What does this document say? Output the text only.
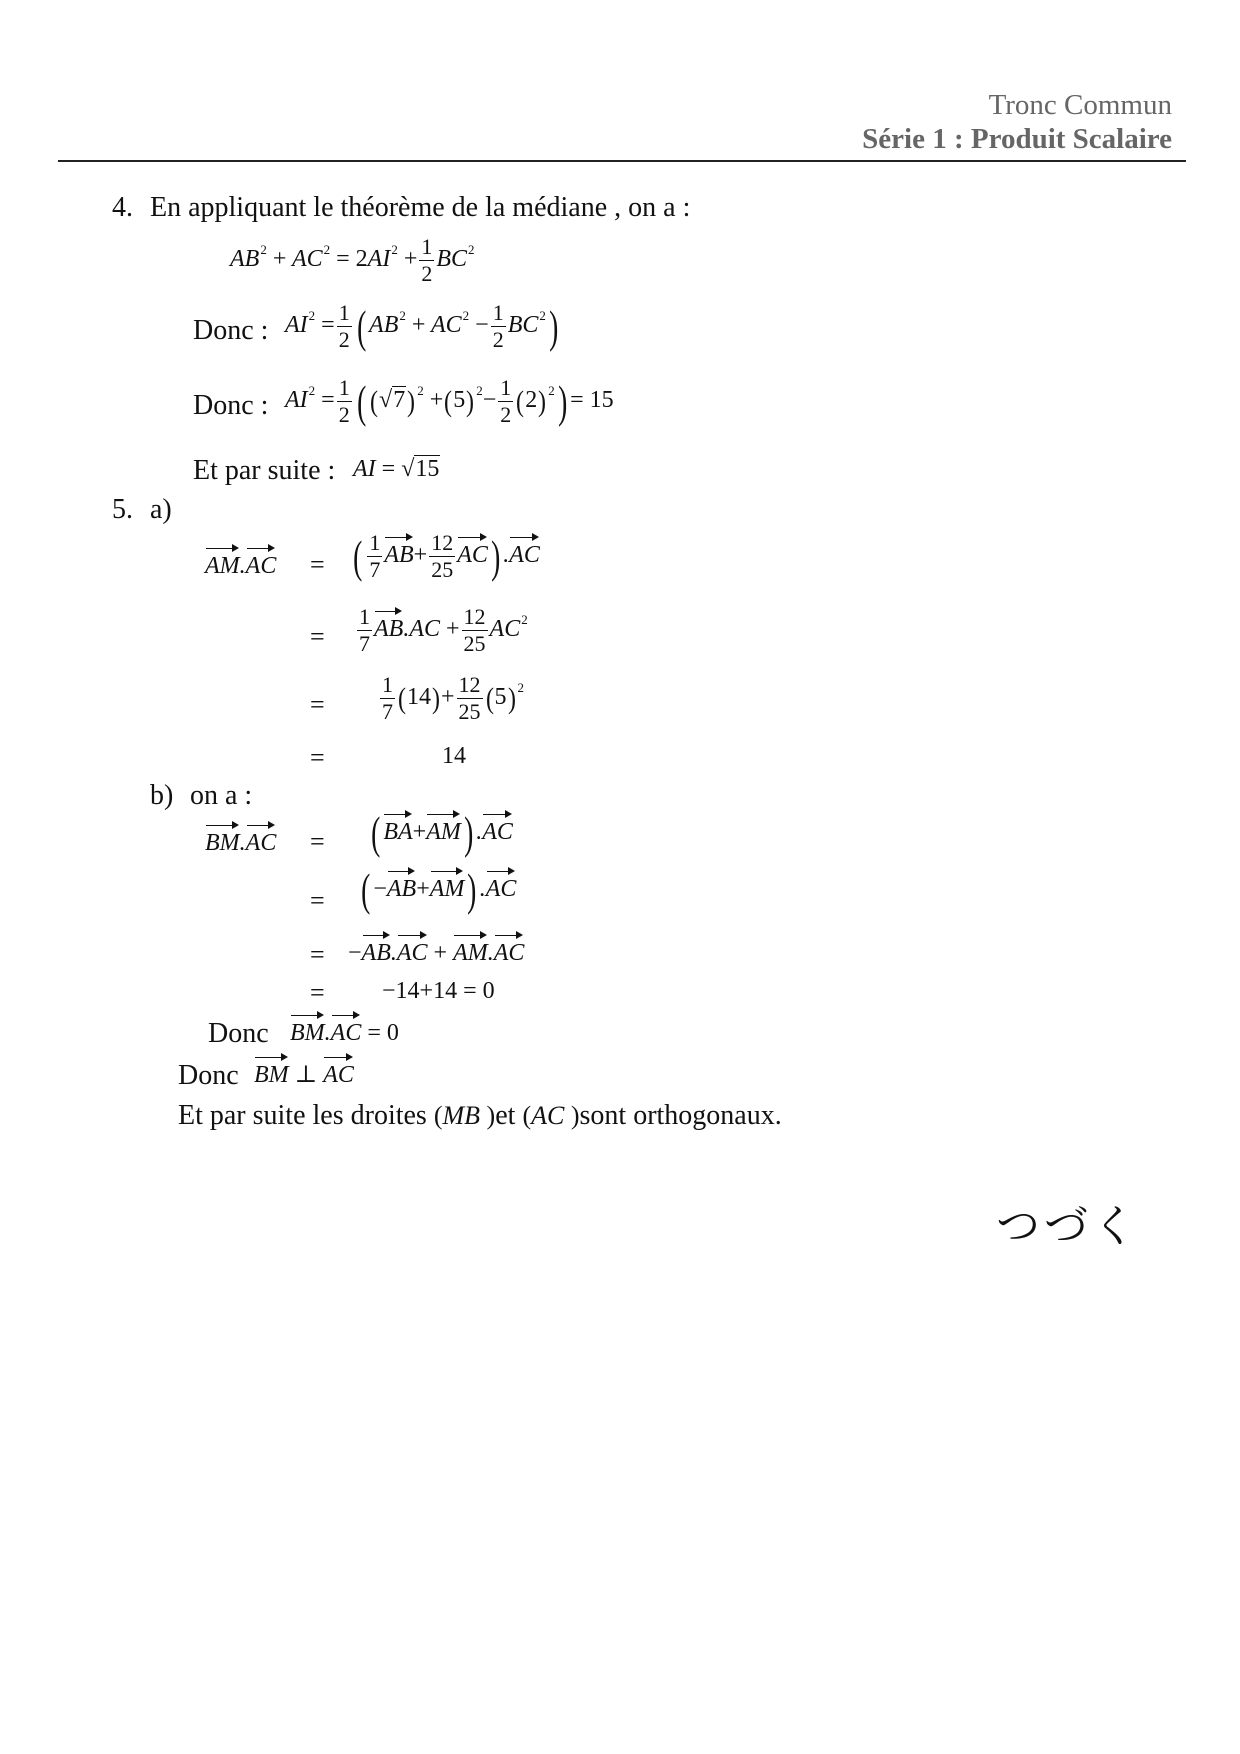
Tronc Commun
Série 1 : Produit Scalaire
4. En appliquant le théorème de la médiane , on a :
$AB^2 + AC^2 = 2AI^2 + \frac{1}{2} BC^2$
Donc : $AI^2 = \frac{1}{2}$ ( $AB^2 + AC^2 - \frac{1}{2} BC^2$)
Donc : $AI^2 = \frac{1}{2}$ ( (√7) $^2$ +(5) $^2- \frac{1}{2} (2) ^2) = 15$
Et par suite : AI = √15
5. a)
AM.AC = ( $\frac{1}{7} AB+ \frac{12}{25} AC$) .AC
= $\frac{1}{7} AB.AC + \frac{12}{25} AC^2$
=	$\frac{1}{7} (14)+ \frac{12}{25} (5)$ $^2$
=	14
b) on a :
BM.AC = ( BA+AM) .AC
= ( −AB+AM) .AC
= −AB.AC + AM.AC
= −14+14 = 0
Donc BM.AC = 0
Donc BM ⊥ AC
Et par suite les droites (MB )et (AC )sont orthogonaux.
つづく
